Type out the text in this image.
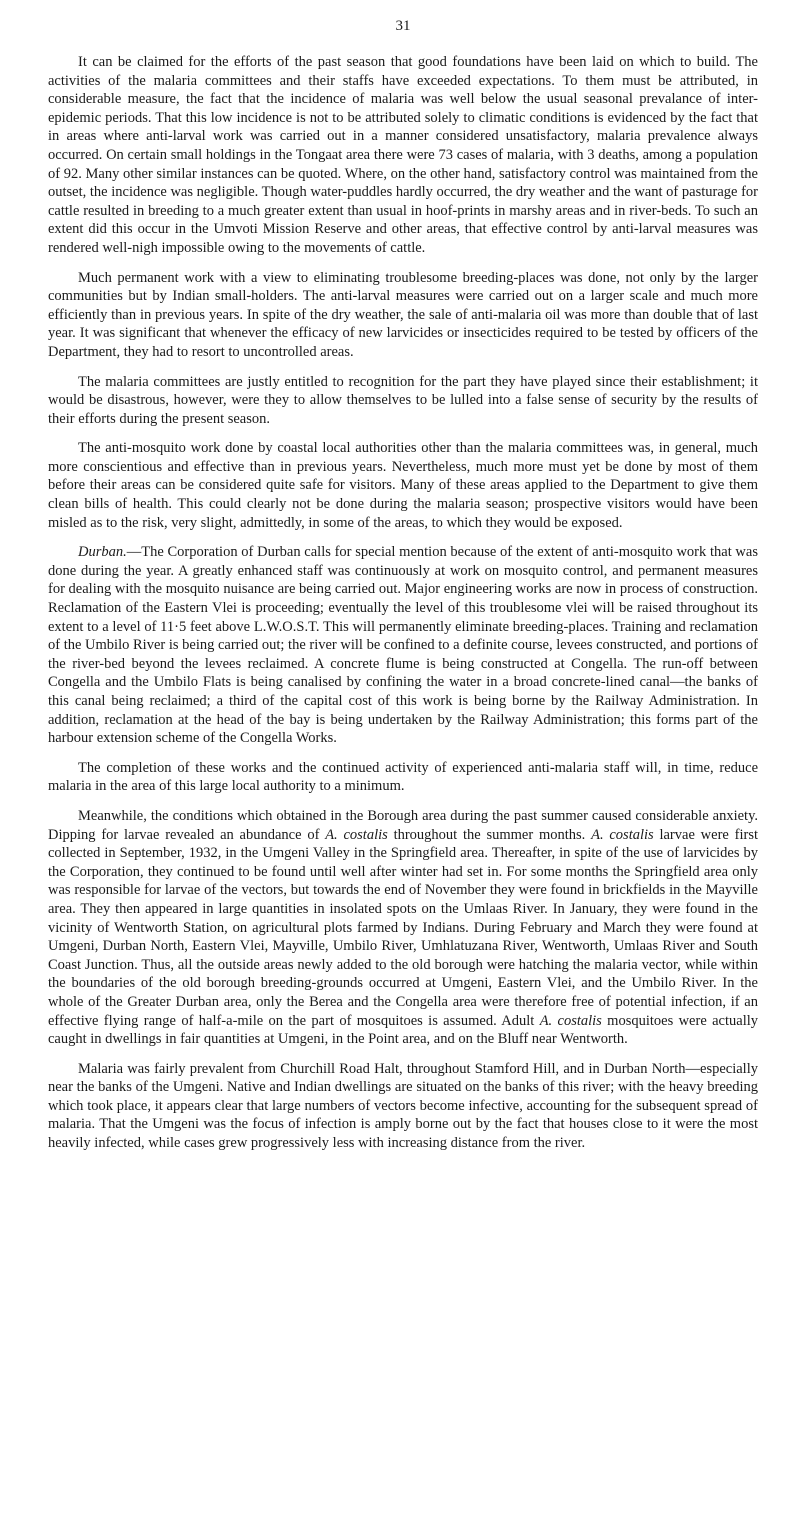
31

It can be claimed for the efforts of the past season that good foundations have been laid on which to build. The activities of the malaria committees and their staffs have exceeded expectations. To them must be attributed, in considerable measure, the fact that the incidence of malaria was well below the usual seasonal prevalance of inter-epidemic periods. That this low incidence is not to be attributed solely to climatic conditions is evidenced by the fact that in areas where anti-larval work was carried out in a manner considered unsatisfactory, malaria prevalence always occurred. On certain small holdings in the Tongaat area there were 73 cases of malaria, with 3 deaths, among a population of 92. Many other similar instances can be quoted. Where, on the other hand, satisfactory control was maintained from the outset, the incidence was negligible. Though water-puddles hardly occurred, the dry weather and the want of pasturage for cattle resulted in breeding to a much greater extent than usual in hoof-prints in marshy areas and in river-beds. To such an extent did this occur in the Umvoti Mission Reserve and other areas, that effective control by anti-larval measures was rendered well-nigh impossible owing to the movements of cattle.

Much permanent work with a view to eliminating troublesome breeding-places was done, not only by the larger communities but by Indian small-holders. The anti-larval measures were carried out on a larger scale and much more efficiently than in previous years. In spite of the dry weather, the sale of anti-malaria oil was more than double that of last year. It was significant that whenever the efficacy of new larvicides or insecticides required to be tested by officers of the Department, they had to resort to uncontrolled areas.

The malaria committees are justly entitled to recognition for the part they have played since their establishment; it would be disastrous, however, were they to allow themselves to be lulled into a false sense of security by the results of their efforts during the present season.

The anti-mosquito work done by coastal local authorities other than the malaria committees was, in general, much more conscientious and effective than in previous years. Nevertheless, much more must yet be done by most of them before their areas can be considered quite safe for visitors. Many of these areas applied to the Department to give them clean bills of health. This could clearly not be done during the malaria season; prospective visitors would have been misled as to the risk, very slight, admittedly, in some of the areas, to which they would be exposed.

Durban.—The Corporation of Durban calls for special mention because of the extent of anti-mosquito work that was done during the year. A greatly enhanced staff was continuously at work on mosquito control, and permanent measures for dealing with the mosquito nuisance are being carried out. Major engineering works are now in process of construction. Reclamation of the Eastern Vlei is proceeding; eventually the level of this troublesome vlei will be raised throughout its extent to a level of 11·5 feet above L.W.O.S.T. This will permanently eliminate breeding-places. Training and reclamation of the Umbilo River is being carried out; the river will be confined to a definite course, levees constructed, and portions of the river-bed beyond the levees reclaimed. A concrete flume is being constructed at Congella. The run-off between Congella and the Umbilo Flats is being canalised by confining the water in a broad concrete-lined canal—the banks of this canal being reclaimed; a third of the capital cost of this work is being borne by the Railway Administration. In addition, reclamation at the head of the bay is being undertaken by the Railway Administration; this forms part of the harbour extension scheme of the Congella Works.

The completion of these works and the continued activity of experienced anti-malaria staff will, in time, reduce malaria in the area of this large local authority to a minimum.

Meanwhile, the conditions which obtained in the Borough area during the past summer caused considerable anxiety. Dipping for larvae revealed an abundance of A. costalis throughout the summer months. A. costalis larvae were first collected in September, 1932, in the Umgeni Valley in the Springfield area. Thereafter, in spite of the use of larvicides by the Corporation, they continued to be found until well after winter had set in. For some months the Springfield area only was responsible for larvae of the vectors, but towards the end of November they were found in brickfields in the Mayville area. They then appeared in large quantities in insolated spots on the Umlaas River. In January, they were found in the vicinity of Wentworth Station, on agricultural plots farmed by Indians. During February and March they were found at Umgeni, Durban North, Eastern Vlei, Mayville, Umbilo River, Umhlatuzana River, Wentworth, Umlaas River and South Coast Junction. Thus, all the outside areas newly added to the old borough were hatching the malaria vector, while within the boundaries of the old borough breeding-grounds occurred at Umgeni, Eastern Vlei, and the Umbilo River. In the whole of the Greater Durban area, only the Berea and the Congella area were therefore free of potential infection, if an effective flying range of half-a-mile on the part of mosquitoes is assumed. Adult A. costalis mosquitoes were actually caught in dwellings in fair quantities at Umgeni, in the Point area, and on the Bluff near Wentworth.

Malaria was fairly prevalent from Churchill Road Halt, throughout Stamford Hill, and in Durban North—especially near the banks of the Umgeni. Native and Indian dwellings are situated on the banks of this river; with the heavy breeding which took place, it appears clear that large numbers of vectors become infective, accounting for the subsequent spread of malaria. That the Umgeni was the focus of infection is amply borne out by the fact that houses close to it were the most heavily infected, while cases grew progressively less with increasing distance from the river.
